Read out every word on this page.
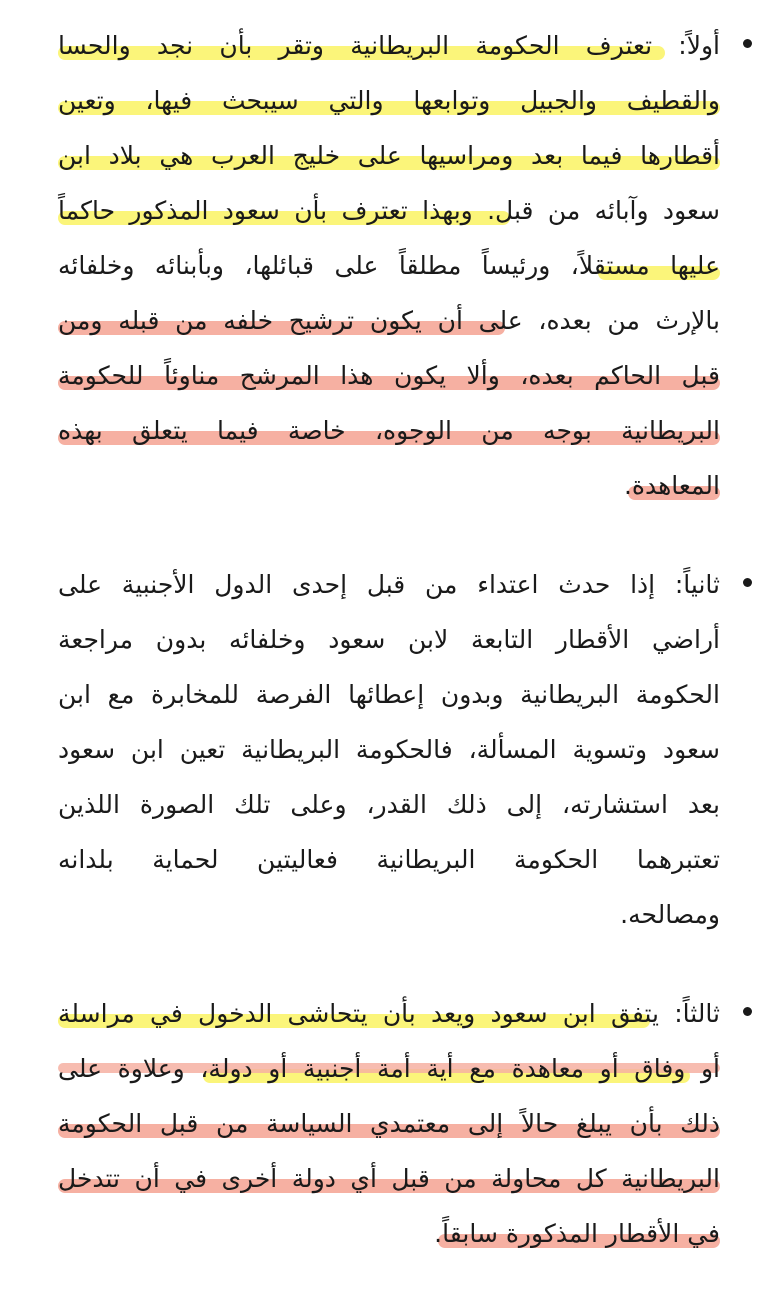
أولاً: تعترف الحكومة البريطانية وتقر بأن نجد والحسا
والقطيف والجبيل وتوابعها والتي سيبحث فيها، وتعين
أقطارها فيما بعد ومراسيها على خليج العرب هي بلاد ابن
سعود وآبائه من قبل. وبهذا تعترف بأن سعود المذكور حاكماً
عليها مستقلاً، ورئيساً مطلقاً على قبائلها، وبأبنائه وخلفائه
بالإرث من بعده، على أن يكون ترشيح خلفه من قبله ومن
قبل الحاكم بعده، وألا يكون هذا المرشح مناوئاً للحكومة
البريطانية بوجه من الوجوه، خاصة فيما يتعلق بهذه
المعاهدة.
ثانياً: إذا حدث اعتداء من قبل إحدى الدول الأجنبية على
أراضي الأقطار التابعة لابن سعود وخلفائه بدون مراجعة
الحكومة البريطانية وبدون إعطائها الفرصة للمخابرة مع ابن
سعود وتسوية المسألة، فالحكومة البريطانية تعين ابن سعود
بعد استشارته، إلى ذلك القدر، وعلى تلك الصورة اللذين
تعتبرهما الحكومة البريطانية فعاليتين لحماية بلدانه
ومصالحه.
ثالثاً: يتفق ابن سعود ويعد بأن يتحاشى الدخول في مراسلة
أو وفاق أو معاهدة مع أية أمة أجنبية أو دولة، وعلاوة على
ذلك بأن يبلغ حالاً إلى معتمدي السياسة من قبل الحكومة
البريطانية كل محاولة من قبل أي دولة أخرى في أن تتدخل
في الأقطار المذكورة سابقاً.
